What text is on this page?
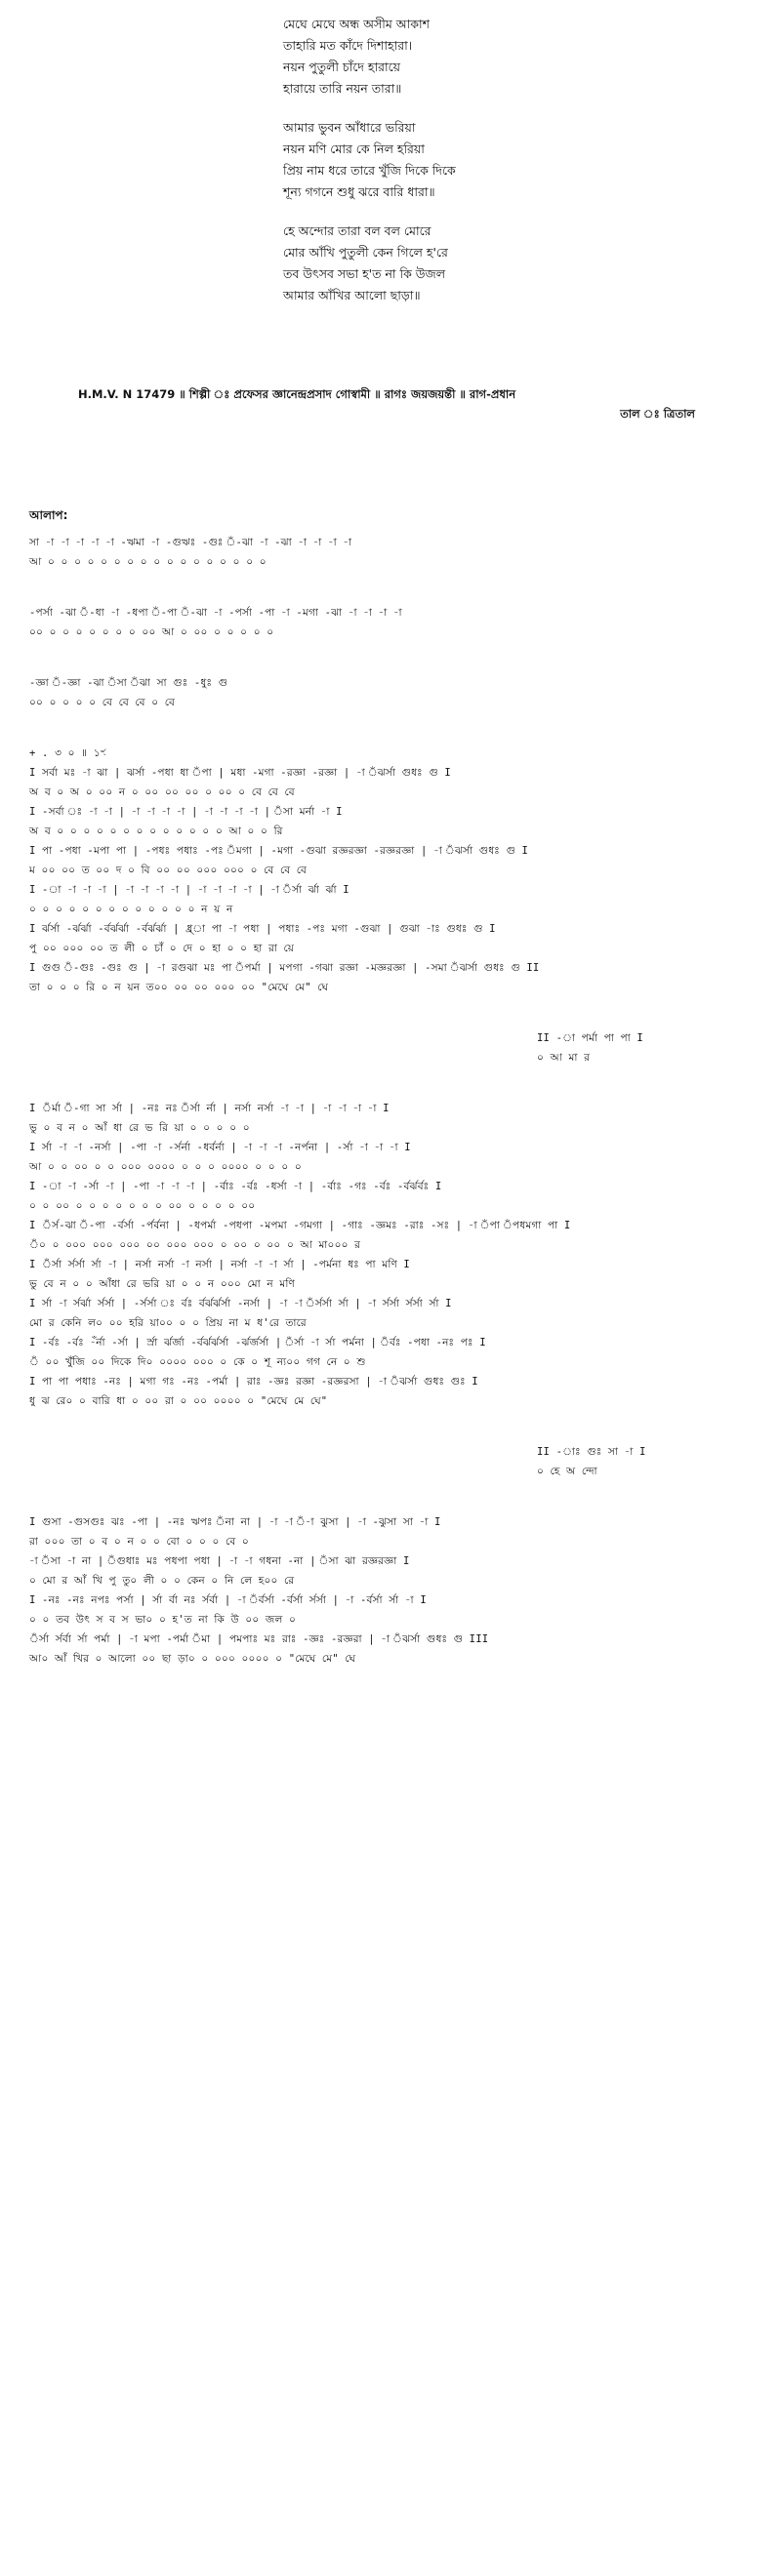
মেঘে মেঘে অন্ধ অসীম আকাশ
তাহারি মত কাঁদে দিশাহারা।
নয়ন পুতুলী চাঁদে হারায়ে
হারায়ে তারি নয়ন তারা॥
আমার ভুবন আঁধারে ভরিয়া
নয়ন মণি মোর কে নিল হরিয়া
প্রিয় নাম ধরে তারে খুঁজি দিকে দিকে
শূন্য গগনে শুধু ঝরে বারি ধারা॥
হে অন্দোর তারা বল বল মোরে
মোর আঁখি পুতুলী কেন গিলে হ'রে
তব উৎসব সভা হ'ত না কি উজল
আমার আঁখির আলো ছাড়া॥
H.M.V. N 17479 ॥ শিল্পী ঃ প্রফেসর জ্ঞানেন্দ্রপ্রসাদ গোস্বামী ॥ রাগঃ জয়জয়ন্তী ॥ রাগ-প্রধান
তাল ঃ ত্রিতাল
আলাপ:
সা -া -া -া -া -া -ঋমা -া -গুঋঃ -গুঃ ঁ-ঝা -া -ঝা -া -া -া -া
আ ০ ০ ০ ০ ০ ০ ০ ০ ০ ০ ০ ০ ০ ০ ০ ০ ০
-পর্সা -ঝা ঁ-ধা -া -ধপা ঁ-পা ঁ-ঝা -া -পর্সা -পা -া -মগা -ঝা -া -া -া -া
০০ ০ ০ ০ ০ ০ ০ ০ ০০ আ ০ ০০ ০ ০ ০ ০ ০
-জ্ঞা ঁ-জ্ঞা -ঝা ঁসা ঁঝা সা গুঃ -ধুঃ গু
০০ ০ ০ ০ ০ বে বে বে ০ বে
+ . ৩ ০ ॥ ১ৼ
I সর্বা মঃ -া ঝা | ঝর্সা -পধা ধা ঁপা | মধা -মগা -রজ্ঞা -রজ্ঞা | -া ঁঝর্সা গুধঃ গু I
অ ব ০ অ ০ ০০ ন ০ ০০ ০০ ০০ ০ ০০ ০ বে বে বে
I -সর্বা ঃ -া -া | -া -া -া -া | -া -া -া -া | ঁসা মর্না -া I
অ ব ০ ০ ০ ০ ০ ০ ০ ০ ০ ০ ০ ০ ০ আ ০ ০ রি
I পা -পধা -মপা পা | -পধঃ পধাঃ -পঃ ঁমগা | -মগা -গুঝা রজ্ঞরজ্ঞা -রজ্ঞরজ্ঞা | -া ঁঝর্সা গুধঃ গু I
ম ০০ ০০ ত ০০ দ ০ বি ০০ ০০ ০০০ ০০০ ০ বে বে বে
I -া -া -া -া | -া -া -া -া | -া -া -া -া | -া ঁর্সা র্ঝা র্ঝা I
০ ০ ০ ০ ০ ০ ০ ০ ০ ০ ০ ০ ০ ন য় ন
I র্ঝর্সা -র্ঝর্ঝা -র্বর্ঝর্ঝা -র্বর্ঝর্ঝা | ধ্র্া পা -া পধা | পধাঃ -পঃ মগা -গুঝা | গুঝা -াঃ গুধঃ গু I
পু ০০ ০০০ ০০ ত লী ০ চাঁ ০ দে ০ হা ০ ০ হা রা য়ে
I গুগু ঁ-গুঃ -গুঃ গু | -া রগুঝা মঃ পা ঁপর্মা | মপগা -গঝা রজ্ঞা -মজ্ঞরজ্ঞা | -সমা ঁঝর্সা গুধঃ গু II
তা ০ ০ ০ রি ০ ন য়ন ত০০ ০০ ০০ ০০০ ০০ "মেঘে মে" ঘে
II -া পর্মা পা পা I
০ আ মা র
I ঁর্মা ঁ-গা সা র্সা | -নঃ নঃ ঁর্সা র্না | নর্সা নর্সা -া -া | -া -া -া -া I
ভু ০ ব ন ০ আঁ ধা রে ভ রি য়া ০ ০ ০ ০ ০
I র্সা -া -া -নর্সা | -পা -া -র্সর্না -ধর্বর্না | -া -া -া -নর্পনা | -র্সা -া -া -া I
আ ০ ০ ০০ ০ ০ ০০০ ০০০০ ০ ০ ০ ০০০০ ০ ০ ০ ০
I -া -া -র্সা -া | -পা -া -া -া | -র্বাঃ -র্বঃ -ধর্সা -া | -র্বাঃ -গঃ -র্বঃ -র্বর্ঝর্বঃ I
০ ০ ০০ ০ ০ ০ ০ ০ ০ ০ ০০ ০ ০ ০ ০ ০০
I ঁর্স-ঝা ঁ-পা -র্বর্সা -র্পর্বনা | -ধপর্মা -পধপা -মপমা -গমগা | -গাঃ -জ্ঞমঃ -রাঃ -সঃ | -া ঁপা ঁপধমগা পা I
ঁ০ ০ ০০০ ০০০ ০০০ ০০ ০০০ ০০০ ০ ০০ ০ ০০ ০ আ মা০০০ র
I ঁর্সা র্সর্সা র্সা -া | নর্সা নর্সা -া নর্সা | নর্সা -া -া র্সা | -পর্মনা ধঃ পা মণি I
ভু বে ন ০ ০ আঁধা রে ভরি য়া ০ ০ ন ০০০ মো ন মণি
I র্সা -া র্সর্ঝা র্সর্সা | -র্সর্সা ঃ র্বঃ র্বর্ঝর্ঝর্সা -নর্সা | -া -া ঁর্সর্সা র্সা | -া র্সর্সা র্সর্সা র্সা I
মো র কেনি ল০ ০০ হরি য়া০০ ০ ০ প্রিয় না ম ধ'রে তারে
I -র্বঃ -র্বঃ -ঁর্না -র্সা | র্স্রা র্ঝর্জা -র্বর্ঝর্ঝর্সা -র্ঝর্জর্সা | ঁর্সা -া র্সা পর্মনা | ঁর্বঃ -পধা -নঃ পঃ I
ঁ ০০ খুঁজি ০০ দিকে দি০ ০০০০ ০০০ ০ কে ০ শূ ন্য০০ গগ নে ০ শু
I পা পা পধাঃ -নঃ | মগা গঃ -নঃ -পর্মা | রাঃ -জ্ঞঃ রজ্ঞা -রজ্ঞরসা | -া ঁঝর্সা গুধঃ গুঃ I
ধু ঝ রে০ ০ বারি ধা ০ ০০ রা ০ ০০ ০০০০ ০ "মেঘে মে ঘে"
II -াঃ গুঃ সা -া I
০ হে অ ন্দো
I গুসা -গুসগুঃ ঝঃ -পা | -নঃ ঋপঃ ঁনা না | -া -া ঁ-া ঝুসা | -া -ঝুসা সা -া I
রা ০০০ তা ০ ব ০ ন ০ ০ বো ০ ০ ০ বে ০
-া ঁসা -া না | ঁগুধাঃ মঃ পধপা পধা | -া -া গধনা -না | ঁসা ঝা রজ্ঞরজ্ঞা I
০ মো র আঁ খি পু তু০ লী ০ ০ কেন ০ নি লে হ০০ রে
I -নঃ -নঃ নপঃ পর্সা | র্সা র্বা নঃ র্সর্বা | -া ঁর্বর্সা -র্বর্সা র্সর্সা | -া -র্বর্সা র্সা -া I
০ ০ তব উৎ স ব স ভা০ ০ হ'ত না কি উ ০০ জল ০
ঁর্সা র্সর্বা র্সা পর্মা | -া মপা -পর্মা ঁমা | পমপাঃ মঃ রাঃ -জ্ঞঃ -রজ্ঞরা | -া ঁঝর্সা গুধঃ গু III
আ০ আঁ খির ০ আলো ০০ ছা ড়া০ ০ ০০০ ০০০০ ০ "মেঘে মে" ঘে
